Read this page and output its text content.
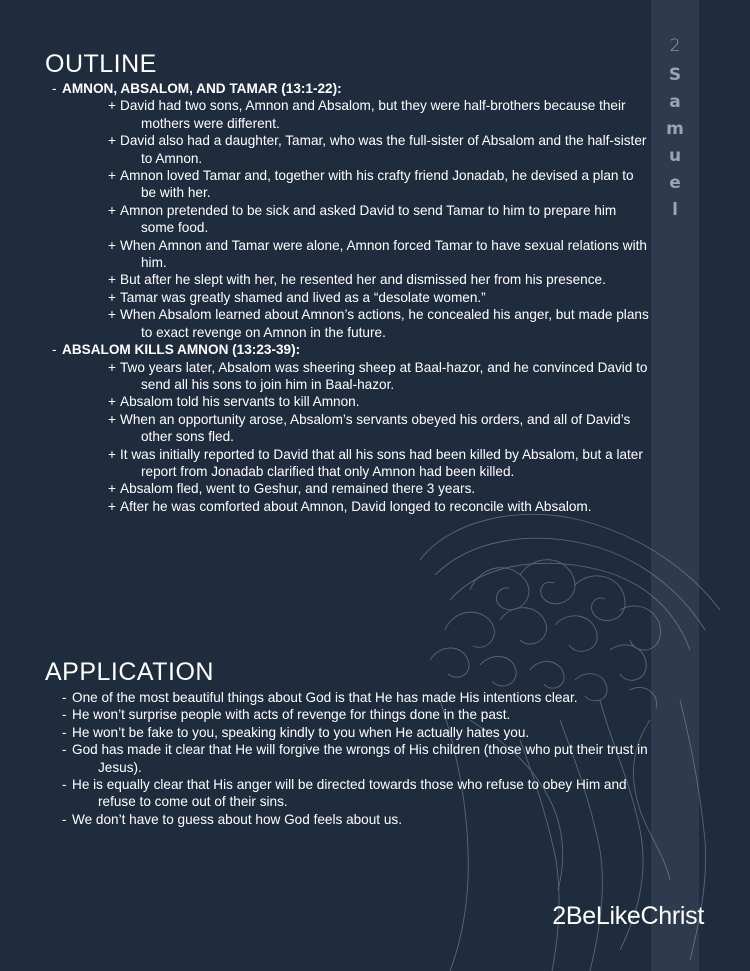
2
S
a
m
u
e
l
OUTLINE
- AMNON, ABSALOM, AND TAMAR (13:1-22):
+ David had two sons, Amnon and Absalom, but they were half-brothers because their mothers were different.
+ David also had a daughter, Tamar, who was the full-sister of Absalom and the half-sister to Amnon.
+ Amnon loved Tamar and, together with his crafty friend Jonadab, he devised a plan to be with her.
+ Amnon pretended to be sick and asked David to send Tamar to him to prepare him some food.
+ When Amnon and Tamar were alone, Amnon forced Tamar to have sexual relations with him.
+ But after he slept with her, he resented her and dismissed her from his presence.
+ Tamar was greatly shamed and lived as a “desolate women.”
+ When Absalom learned about Amnon’s actions, he concealed his anger, but made plans to exact revenge on Amnon in the future.
- ABSALOM KILLS AMNON (13:23-39):
+ Two years later, Absalom was sheering sheep at Baal-hazor, and he convinced David to send all his sons to join him in Baal-hazor.
+ Absalom told his servants to kill Amnon.
+ When an opportunity arose, Absalom’s servants obeyed his orders, and all of David’s other sons fled.
+ It was initially reported to David that all his sons had been killed by Absalom, but a later report from Jonadab clarified that only Amnon had been killed.
+ Absalom fled, went to Geshur, and remained there 3 years.
+ After he was comforted about Amnon, David longed to reconcile with Absalom.
APPLICATION
- One of the most beautiful things about God is that He has made His intentions clear.
- He won’t surprise people with acts of revenge for things done in the past.
- He won’t be fake to you, speaking kindly to you when He actually hates you.
- God has made it clear that He will forgive the wrongs of His children (those who put their trust in Jesus).
- He is equally clear that His anger will be directed towards those who refuse to obey Him and refuse to come out of their sins.
- We don’t have to guess about how God feels about us.
2BeLikeChrist
